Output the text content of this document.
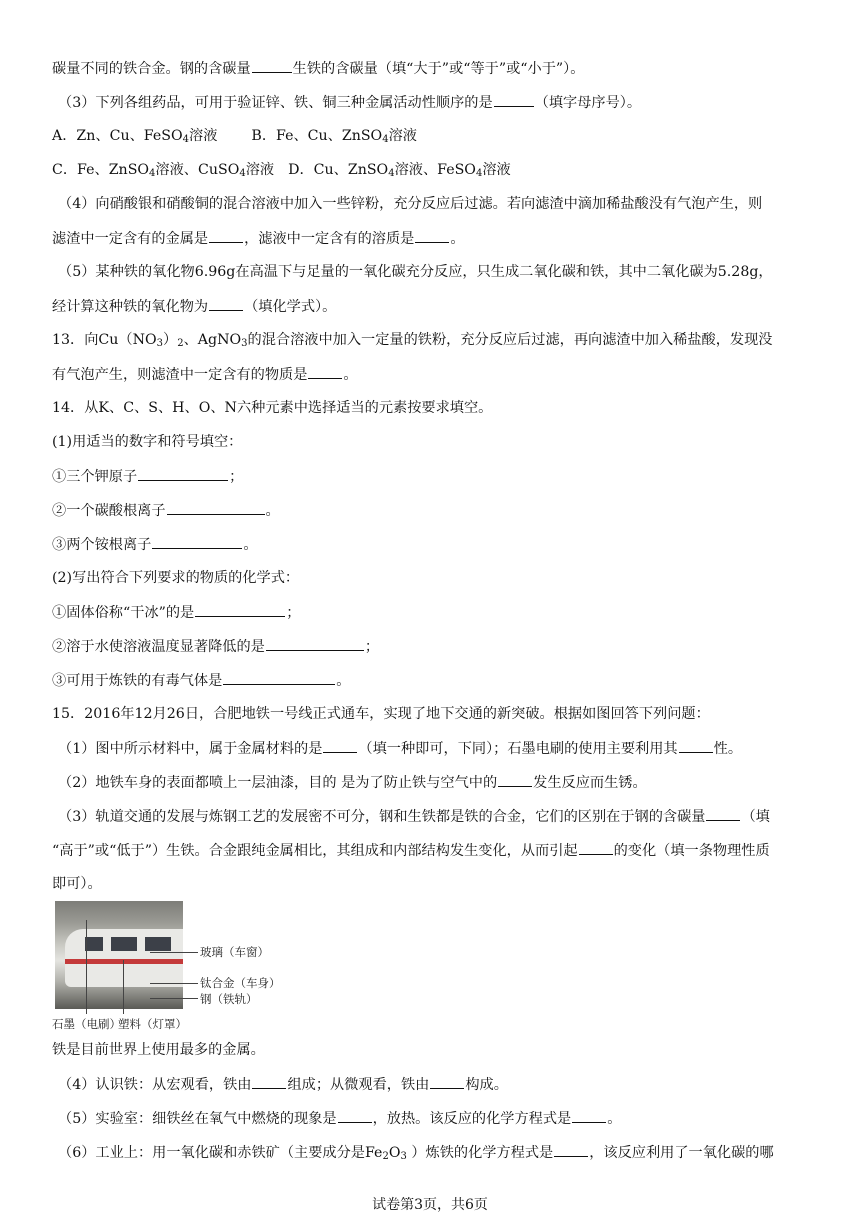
碳量不同的铁合金。钢的含碳量	生铁的含碳量（填“大于”或“等于”或“小于”）。
（3）下列各组药品，可用于验证锌、铁、铜三种金属活动性顺序的是	（填字母序号）。
A．Zn、Cu、FeSO$_4$溶液 B．Fe、Cu、ZnSO$_4$溶液
C．Fe、ZnSO$_4$溶液、CuSO$_4$溶液 D．Cu、ZnSO$_4$溶液、FeSO$_4$溶液
（4）向硝酸银和硝酸铜的混合溶液中加入一些锌粉，充分反应后过滤。若向滤渣中滴加稀盐酸没有气泡产生，则
滤渣中一定含有的金属是	，滤液中一定含有的溶质是	。
（5）某种铁的氧化物6.96g在高温下与足量的一氧化碳充分反应，只生成二氧化碳和铁，其中二氧化碳为5.28g，
经计算这种铁的氧化物为	（填化学式）。
13．向$Cu(NO_3)_2$、AgNO$_3$的混合溶液中加入一定量的铁粉，充分反应后过滤，再向滤渣中加入稀盐酸，发现没
有气泡产生，则滤渣中一定含有的物质是	。
14．从K、C、S、H、O、N六种元素中选择适当的元素按要求填空。
(1)用适当的数字和符号填空：
①三个钾原子	；
②一个碳酸根离子	。
③两个铵根离子	。
(2)写出符合下列要求的物质的化学式：
①固体俗称“干冰”的是	；
②溶于水使溶液温度显著降低的是	；
③可用于炼铁的有毒气体是	。
15．2016年12月26日，合肥地铁一号线正式通车，实现了地下交通的新突破。根据如图回答下列问题：
（1）图中所示材料中，属于金属材料的是	（填一种即可，下同）；石墨电刷的使用主要利用其	性。
（2）地铁车身的表面都喷上一层油漆，目的 是为了防止铁与空气中的	发生反应而生锈。
（3）轨道交通的发展与炼钢工艺的发展密不可分，钢和生铁都是铁的合金，它们的区别在于钢的含碳量	（填
“高于”或“低于”）生铁。合金跟纯金属相比，其组成和内部结构发生变化，从而引起	的变化（填一条物理性质
即可）。
玻璃（车窗）
钛合金（车身）
钢（铁轨）
石墨（电刷）
塑料（灯罩）
铁是目前世界上使用最多的金属。
（4）认识铁：从宏观看，铁由	组成；从微观看，铁由	构成。
（5）实验室：细铁丝在氧气中燃烧的现象是	，放热。该反应的化学方程式是	。
（6）工业上：用一氧化碳和赤铁矿（主要成分是$Fe_2O_3$ ）炼铁的化学方程式是	，该反应利用了一氧化碳的哪
试卷第3页，共6页
